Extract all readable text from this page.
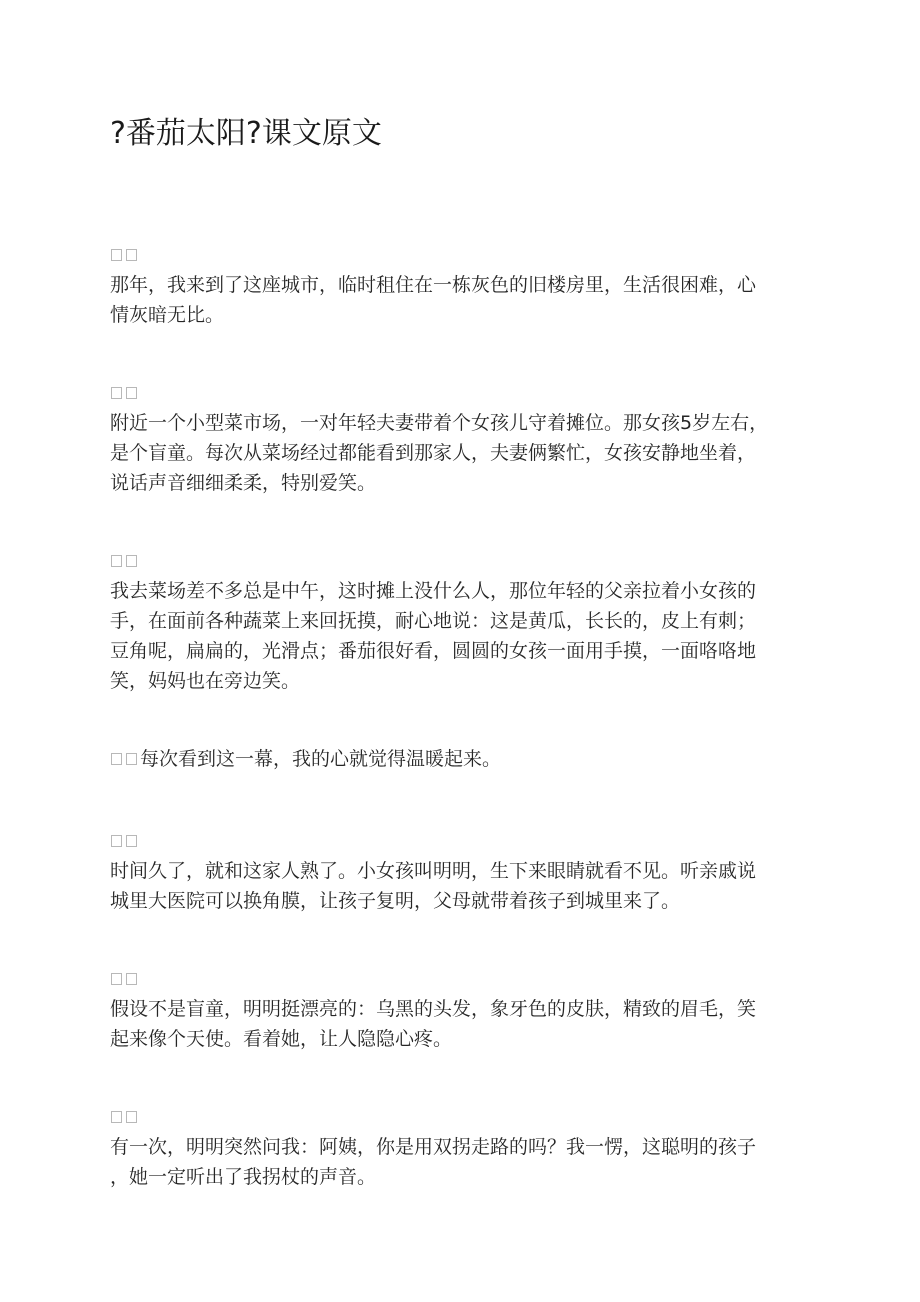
?番茄太阳?课文原文
那年，我来到了这座城市，临时租住在一栋灰色的旧楼房里，生活很困难，心
情灰暗无比。
附近一个小型菜市场，一对年轻夫妻带着个女孩儿守着摊位。那女孩5岁左右，
是个盲童。每次从菜场经过都能看到那家人，夫妻俩繁忙，女孩安静地坐着，
说话声音细细柔柔，特别爱笑。
我去菜场差不多总是中午，这时摊上没什么人，那位年轻的父亲拉着小女孩的
手，在面前各种蔬菜上来回抚摸，耐心地说：这是黄瓜，长长的，皮上有刺；
豆角呢，扁扁的，光滑点；番茄很好看，圆圆的女孩一面用手摸，一面咯咯地
笑，妈妈也在旁边笑。
每次看到这一幕，我的心就觉得温暖起来。
时间久了，就和这家人熟了。小女孩叫明明，生下来眼睛就看不见。听亲戚说
城里大医院可以换角膜，让孩子复明，父母就带着孩子到城里来了。
假设不是盲童，明明挺漂亮的：乌黑的头发，象牙色的皮肤，精致的眉毛，笑
起来像个天使。看着她，让人隐隐心疼。
有一次，明明突然问我：阿姨，你是用双拐走路的吗？我一愣，这聪明的孩子
，她一定听出了我拐杖的声音。
